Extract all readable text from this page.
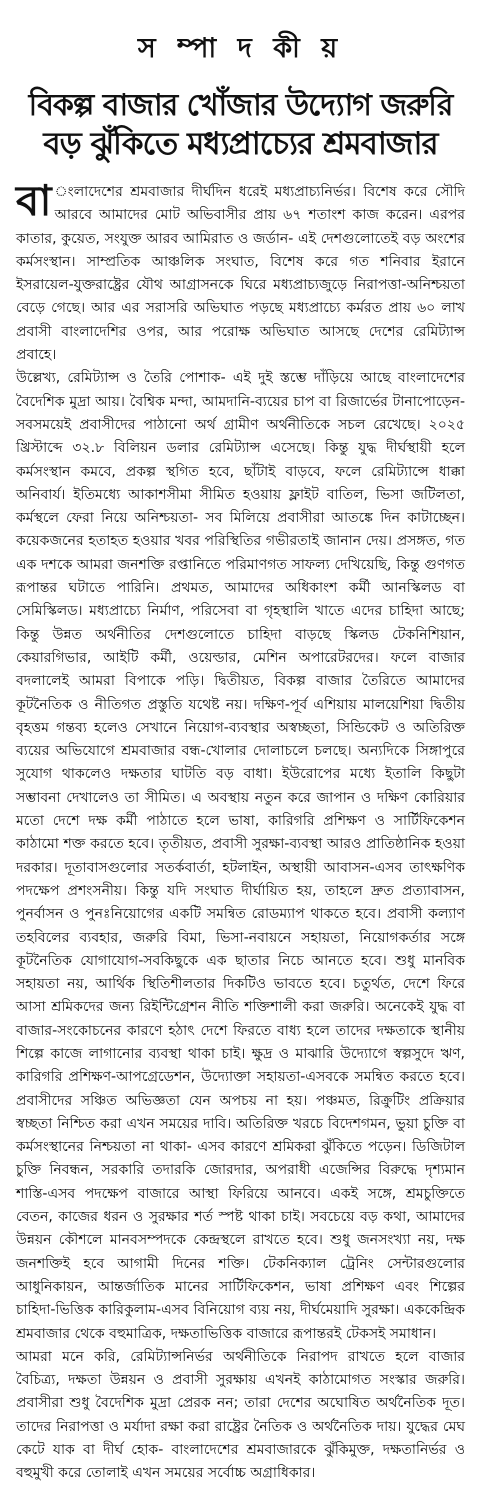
স ম্পা দ কী য়
বিকল্প বাজার খোঁজার উদ্যোগ জরুরি
বড় ঝুঁকিতে মধ্যপ্রাচ্যের শ্রমবাজার

বা ংলাদেশের শ্রমবাজার দীর্ঘদিন ধরেই মধ্যপ্রাচ্যনির্ভর। বিশেষ করে সৌদি আরবে আমাদের মোট অভিবাসীর প্রায় ৬৭ শতাংশ কাজ করেন। এরপর কাতার, কুয়েত, সংযুক্ত আরব আমিরাত ও জর্ডান- এই দেশগুলোতেই বড় অংশের কর্মসংস্থান। সাম্প্রতিক আঞ্চলিক সংঘাত, বিশেষ করে গত শনিবার ইরানে ইসরায়েল-যুক্তরাষ্ট্রের যৌথ আগ্রাসনকে ঘিরে মধ্যপ্রাচ্যজুড়ে নিরাপত্তা-অনিশ্চয়তা বেড়ে গেছে। আর এর সরাসরি অভিঘাত পড়ছে মধ্যপ্রাচ্যে কর্মরত প্রায় ৬০ লাখ প্রবাসী বাংলাদেশির ওপর, আর পরোক্ষ অভিঘাত আসছে দেশের রেমিট্যান্স প্রবাহে।

উল্লেখ্য, রেমিট্যান্স ও তৈরি পোশাক- এই দুই স্তম্ভে দাঁড়িয়ে আছে বাংলাদেশের বৈদেশিক মুদ্রা আয়। বৈশ্বিক মন্দা, আমদানি-ব্যয়ের চাপ বা রিজার্ভের টানাপোড়েন- সবসময়েই প্রবাসীদের পাঠানো অর্থ গ্রামীণ অর্থনীতিকে সচল রেখেছে। ২০২৫ খ্রিস্টাব্দে ৩২.৮ বিলিয়ন ডলার রেমিট্যান্স এসেছে। কিন্তু যুদ্ধ দীর্ঘস্থায়ী হলে কর্মসংস্থান কমবে, প্রকল্প স্থগিত হবে, ছাঁটাই বাড়বে, ফলে রেমিট্যান্সে ধাক্কা অনিবার্য। ইতিমধ্যে আকাশসীমা সীমিত হওয়ায় ফ্লাইট বাতিল, ভিসা জটিলতা, কর্মস্থলে ফেরা নিয়ে অনিশ্চয়তা- সব মিলিয়ে প্রবাসীরা আতঙ্কে দিন কাটাচ্ছেন। কয়েকজনের হতাহত হওয়ার খবর পরিস্থিতির গভীরতাই জানান দেয়। প্রসঙ্গত, গত এক দশকে আমরা জনশক্তি রপ্তানিতে পরিমাণগত সাফল্য দেখিয়েছি, কিন্তু গুণগত রূপান্তর ঘটাতে পারিনি। প্রথমত, আমাদের অধিকাংশ কর্মী আনস্কিলড বা সেমিস্কিলড। মধ্যপ্রাচ্যে নির্মাণ, পরিসেবা বা গৃহস্থালি খাতে এদের চাহিদা আছে; কিন্তু উন্নত অর্থনীতির দেশগুলোতে চাহিদা বাড়ছে স্কিলড টেকনিশিয়ান, কেয়ারগিভার, আইটি কর্মী, ওয়েল্ডার, মেশিন অপারেটরদের। ফলে বাজার বদলালেই আমরা বিপাকে পড়ি। দ্বিতীয়ত, বিকল্প বাজার তৈরিতে আমাদের কূটনৈতিক ও নীতিগত প্রস্তুতি যথেষ্ট নয়। দক্ষিণ-পূর্ব এশিয়ায় মালয়েশিয়া দ্বিতীয় বৃহত্তম গন্তব্য হলেও সেখানে নিয়োগ-ব্যবস্থার অস্বচ্ছতা, সিন্ডিকেট ও অতিরিক্ত ব্যয়ের অভিযোগে শ্রমবাজার বন্ধ-খোলার দোলাচলে চলছে। অন্যদিকে সিঙ্গাপুরে সুযোগ থাকলেও দক্ষতার ঘাটতি বড় বাধা। ইউরোপের মধ্যে ইতালি কিছুটা সম্ভাবনা দেখালেও তা সীমিত। এ অবস্থায় নতুন করে জাপান ও দক্ষিণ কোরিয়ার মতো দেশে দক্ষ কর্মী পাঠাতে হলে ভাষা, কারিগরি প্রশিক্ষণ ও সার্টিফিকেশন কাঠামো শক্ত করতে হবে। তৃতীয়ত, প্রবাসী সুরক্ষা-ব্যবস্থা আরও প্রাতিষ্ঠানিক হওয়া দরকার। দূতাবাসগুলোর সতর্কবার্তা, হটলাইন, অস্থায়ী আবাসন-এসব তাৎক্ষণিক পদক্ষেপ প্রশংসনীয়। কিন্তু যদি সংঘাত দীর্ঘায়িত হয়, তাহলে দ্রুত প্রত্যাবাসন, পুনর্বাসন ও পুনঃনিয়োগের একটি সমন্বিত রোডম্যাপ থাকতে হবে। প্রবাসী কল্যাণ তহবিলের ব্যবহার, জরুরি বিমা, ভিসা-নবায়নে সহায়তা, নিয়োগকর্তার সঙ্গে কূটনৈতিক যোগাযোগ-সবকিছুকে এক ছাতার নিচে আনতে হবে। শুধু মানবিক সহায়তা নয়, আর্থিক স্থিতিশীলতার দিকটিও ভাবতে হবে। চতুর্থত, দেশে ফিরে আসা শ্রমিকদের জন্য রিইন্টিগ্রেশন নীতি শক্তিশালী করা জরুরি। অনেকেই যুদ্ধ বা বাজার-সংকোচনের কারণে হঠাৎ দেশে ফিরতে বাধ্য হলে তাদের দক্ষতাকে স্থানীয় শিল্পে কাজে লাগানোর ব্যবস্থা থাকা চাই। ক্ষুদ্র ও মাঝারি উদ্যোগে স্বল্পসুদে ঋণ, কারিগরি প্রশিক্ষণ-আপগ্রেডেশন, উদ্যোক্তা সহায়তা-এসবকে সমন্বিত করতে হবে। প্রবাসীদের সঞ্চিত অভিজ্ঞতা যেন অপচয় না হয়। পঞ্চমত, রিক্রুটিং প্রক্রিয়ার স্বচ্ছতা নিশ্চিত করা এখন সময়ের দাবি। অতিরিক্ত খরচে বিদেশগমন, ভুয়া চুক্তি বা কর্মসংস্থানের নিশ্চয়তা না থাকা- এসব কারণে শ্রমিকরা ঝুঁকিতে পড়েন। ডিজিটাল চুক্তি নিবন্ধন, সরকারি তদারকি জোরদার, অপরাধী এজেন্সির বিরুদ্ধে দৃশ্যমান শাস্তি-এসব পদক্ষেপ বাজারে আস্থা ফিরিয়ে আনবে। একই সঙ্গে, শ্রমচুক্তিতে বেতন, কাজের ধরন ও সুরক্ষার শর্ত স্পষ্ট থাকা চাই। সবচেয়ে বড় কথা, আমাদের উন্নয়ন কৌশলে মানবসম্পদকে কেন্দ্রস্থলে রাখতে হবে। শুধু জনসংখ্যা নয়, দক্ষ জনশক্তিই হবে আগামী দিনের শক্তি। টেকনিক্যাল ট্রেনিং সেন্টারগুলোর আধুনিকায়ন, আন্তর্জাতিক মানের সার্টিফিকেশন, ভাষা প্রশিক্ষণ এবং শিল্পের চাহিদা-ভিত্তিক কারিকুলাম-এসব বিনিয়োগ ব্যয় নয়, দীর্ঘমেয়াদি সুরক্ষা। এককেন্দ্রিক শ্রমবাজার থেকে বহুমাত্রিক, দক্ষতাভিত্তিক বাজারে রূপান্তরই টেকসই সমাধান।

আমরা মনে করি, রেমিট্যান্সনির্ভর অর্থনীতিকে নিরাপদ রাখতে হলে বাজার বৈচিত্র্য, দক্ষতা উন্নয়ন ও প্রবাসী সুরক্ষায় এখনই কাঠামোগত সংস্কার জরুরি। প্রবাসীরা শুধু বৈদেশিক মুদ্রা প্রেরক নন; তারা দেশের অঘোষিত অর্থনৈতিক দূত। তাদের নিরাপত্তা ও মর্যাদা রক্ষা করা রাষ্ট্রের নৈতিক ও অর্থনৈতিক দায়। যুদ্ধের মেঘ কেটে যাক বা দীর্ঘ হোক- বাংলাদেশের শ্রমবাজারকে ঝুঁকিমুক্ত, দক্ষতানির্ভর ও বহুমুখী করে তোলাই এখন সময়ের সর্বোচ্চ অগ্রাধিকার।
